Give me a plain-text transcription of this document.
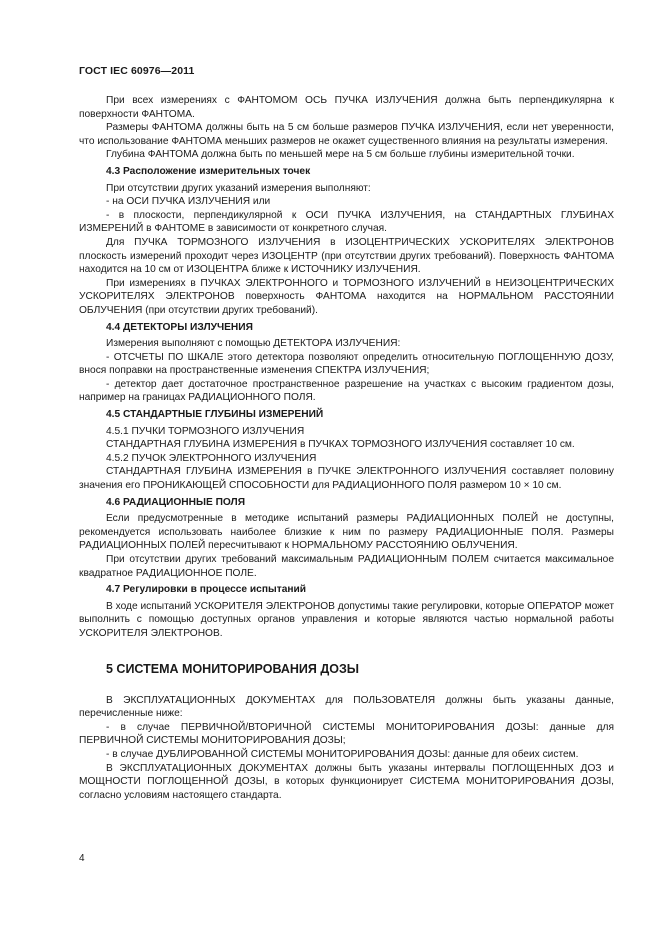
ГОСТ IEC 60976—2011

При всех измерениях с ФАНТОМОМ ОСЬ ПУЧКА ИЗЛУЧЕНИЯ должна быть перпендикулярна к поверхности ФАНТОМА.

Размеры ФАНТОМА должны быть на 5 см больше размеров ПУЧКА ИЗЛУЧЕНИЯ, если нет уверенности, что использование ФАНТОМА меньших размеров не окажет существенного влияния на результаты измерения.

Глубина ФАНТОМА должна быть по меньшей мере на 5 см больше глубины измерительной точки.

4.3 Расположение измерительных точек

При отсутствии других указаний измерения выполняют:

- на ОСИ ПУЧКА ИЗЛУЧЕНИЯ или

- в плоскости, перпендикулярной к ОСИ ПУЧКА ИЗЛУЧЕНИЯ, на СТАНДАРТНЫХ ГЛУБИНАХ ИЗМЕРЕНИЙ в ФАНТОМЕ в зависимости от конкретного случая.

Для ПУЧКА ТОРМОЗНОГО ИЗЛУЧЕНИЯ в ИЗОЦЕНТРИЧЕСКИХ УСКОРИТЕЛЯХ ЭЛЕКТРОНОВ плоскость измерений проходит через ИЗОЦЕНТР (при отсутствии других требований). Поверхность ФАНТОМА находится на 10 см от ИЗОЦЕНТРА ближе к ИСТОЧНИКУ ИЗЛУЧЕНИЯ.

При измерениях в ПУЧКАХ ЭЛЕКТРОННОГО и ТОРМОЗНОГО ИЗЛУЧЕНИЙ в НЕИЗОЦЕНТРИЧЕСКИХ УСКОРИТЕЛЯХ ЭЛЕКТРОНОВ поверхность ФАНТОМА находится на НОРМАЛЬНОМ РАССТОЯНИИ ОБЛУЧЕНИЯ (при отсутствии других требований).

4.4 ДЕТЕКТОРЫ ИЗЛУЧЕНИЯ

Измерения выполняют с помощью ДЕТЕКТОРА ИЗЛУЧЕНИЯ:

- ОТСЧЕТЫ ПО ШКАЛЕ этого детектора позволяют определить относительную ПОГЛОЩЕННУЮ ДОЗУ, внося поправки на пространственные изменения СПЕКТРА ИЗЛУЧЕНИЯ;

- детектор дает достаточное пространственное разрешение на участках с высоким градиентом дозы, например на границах РАДИАЦИОННОГО ПОЛЯ.

4.5 СТАНДАРТНЫЕ ГЛУБИНЫ ИЗМЕРЕНИЙ
4.5.1 ПУЧКИ ТОРМОЗНОГО ИЗЛУЧЕНИЯ

СТАНДАРТНАЯ ГЛУБИНА ИЗМЕРЕНИЯ в ПУЧКАХ ТОРМОЗНОГО ИЗЛУЧЕНИЯ составляет 10 см.

4.5.2 ПУЧОК ЭЛЕКТРОННОГО ИЗЛУЧЕНИЯ

СТАНДАРТНАЯ ГЛУБИНА ИЗМЕРЕНИЯ в ПУЧКЕ ЭЛЕКТРОННОГО ИЗЛУЧЕНИЯ составляет половину значения его ПРОНИКАЮЩЕЙ СПОСОБНОСТИ для РАДИАЦИОННОГО ПОЛЯ размером 10 × 10 см.

4.6 РАДИАЦИОННЫЕ ПОЛЯ

Если предусмотренные в методике испытаний размеры РАДИАЦИОННЫХ ПОЛЕЙ не доступны, рекомендуется использовать наиболее близкие к ним по размеру РАДИАЦИОННЫЕ ПОЛЯ. Размеры РАДИАЦИОННЫХ ПОЛЕЙ пересчитывают к НОРМАЛЬНОМУ РАССТОЯНИЮ ОБЛУЧЕНИЯ.

При отсутствии других требований максимальным РАДИАЦИОННЫМ ПОЛЕМ считается максимальное квадратное РАДИАЦИОННОЕ ПОЛЕ.

4.7 Регулировки в процессе испытаний

В ходе испытаний УСКОРИТЕЛЯ ЭЛЕКТРОНОВ допустимы такие регулировки, которые ОПЕРАТОР может выполнить с помощью доступных органов управления и которые являются частью нормальной работы УСКОРИТЕЛЯ ЭЛЕКТРОНОВ.

5 СИСТЕМА МОНИТОРИРОВАНИЯ ДОЗЫ

В ЭКСПЛУАТАЦИОННЫХ ДОКУМЕНТАХ для ПОЛЬЗОВАТЕЛЯ должны быть указаны данные, перечисленные ниже:

- в случае ПЕРВИЧНОЙ/ВТОРИЧНОЙ СИСТЕМЫ МОНИТОРИРОВАНИЯ ДОЗЫ: данные для ПЕРВИЧНОЙ СИСТЕМЫ МОНИТОРИРОВАНИЯ ДОЗЫ;

- в случае ДУБЛИРОВАННОЙ СИСТЕМЫ МОНИТОРИРОВАНИЯ ДОЗЫ: данные для обеих систем.

В ЭКСПЛУАТАЦИОННЫХ ДОКУМЕНТАХ должны быть указаны интервалы ПОГЛОЩЕННЫХ ДОЗ и МОЩНОСТИ ПОГЛОЩЕННОЙ ДОЗЫ, в которых функционирует СИСТЕМА МОНИТОРИРОВАНИЯ ДОЗЫ, согласно условиям настоящего стандарта.

4
